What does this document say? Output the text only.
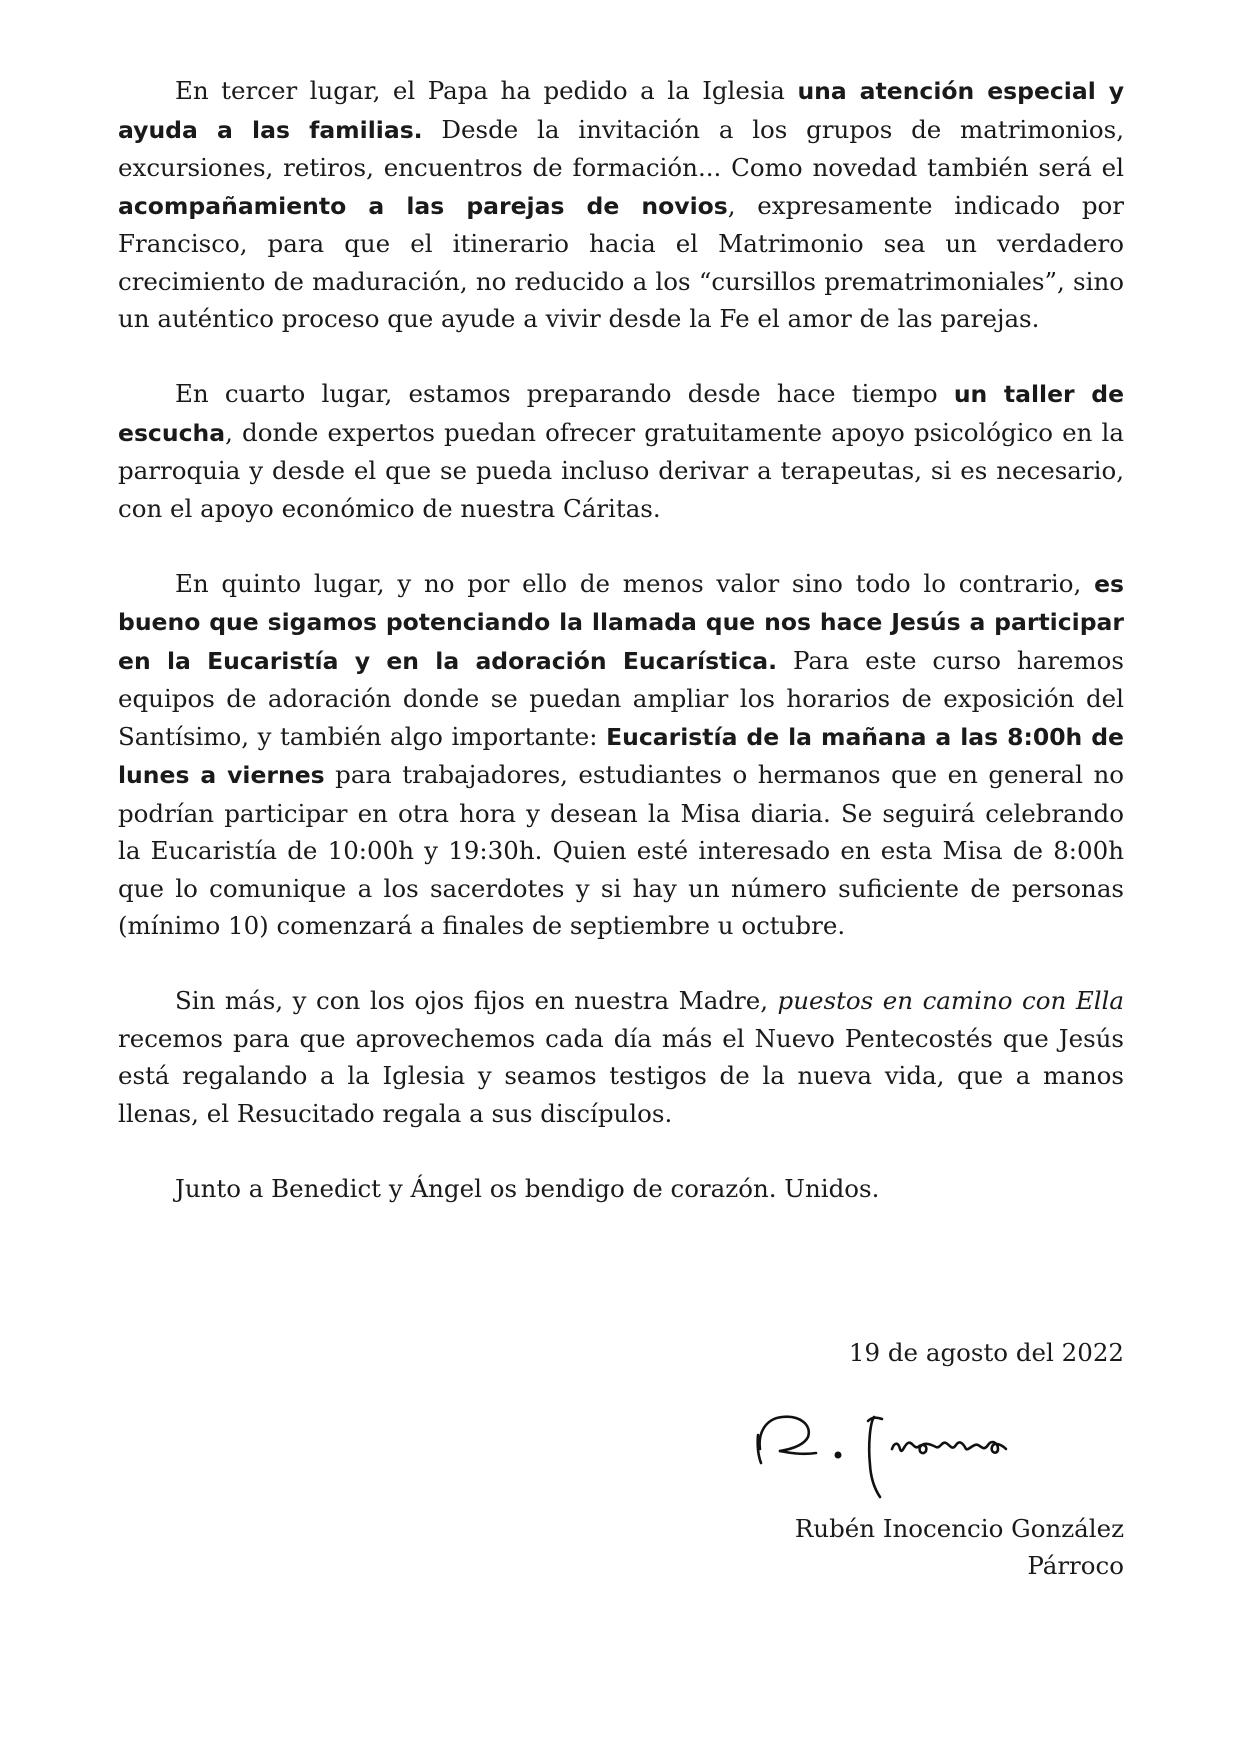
En tercer lugar, el Papa ha pedido a la Iglesia una atención especial y ayuda a las familias. Desde la invitación a los grupos de matrimonios, excursiones, retiros, encuentros de formación... Como novedad también será el acompañamiento a las parejas de novios, expresamente indicado por Francisco, para que el itinerario hacia el Matrimonio sea un verdadero crecimiento de maduración, no reducido a los “cursillos prematrimoniales”, sino un auténtico proceso que ayude a vivir desde la Fe el amor de las parejas.

En cuarto lugar, estamos preparando desde hace tiempo un taller de escucha, donde expertos puedan ofrecer gratuitamente apoyo psicológico en la parroquia y desde el que se pueda incluso derivar a terapeutas, si es necesario, con el apoyo económico de nuestra Cáritas.

En quinto lugar, y no por ello de menos valor sino todo lo contrario, es bueno que sigamos potenciando la llamada que nos hace Jesús a participar en la Eucaristía y en la adoración Eucarística. Para este curso haremos equipos de adoración donde se puedan ampliar los horarios de exposición del Santísimo, y también algo importante: Eucaristía de la mañana a las 8:00h de lunes a viernes para trabajadores, estudiantes o hermanos que en general no podrían participar en otra hora y desean la Misa diaria. Se seguirá celebrando la Eucaristía de 10:00h y 19:30h. Quien esté interesado en esta Misa de 8:00h que lo comunique a los sacerdotes y si hay un número suficiente de personas (mínimo 10) comenzará a finales de septiembre u octubre.

Sin más, y con los ojos fijos en nuestra Madre, puestos en camino con Ella recemos para que aprovechemos cada día más el Nuevo Pentecostés que Jesús está regalando a la Iglesia y seamos testigos de la nueva vida, que a manos llenas, el Resucitado regala a sus discípulos.

Junto a Benedict y Ángel os bendigo de corazón. Unidos.

19 de agosto del 2022
Rubén Inocencio González
Párroco
